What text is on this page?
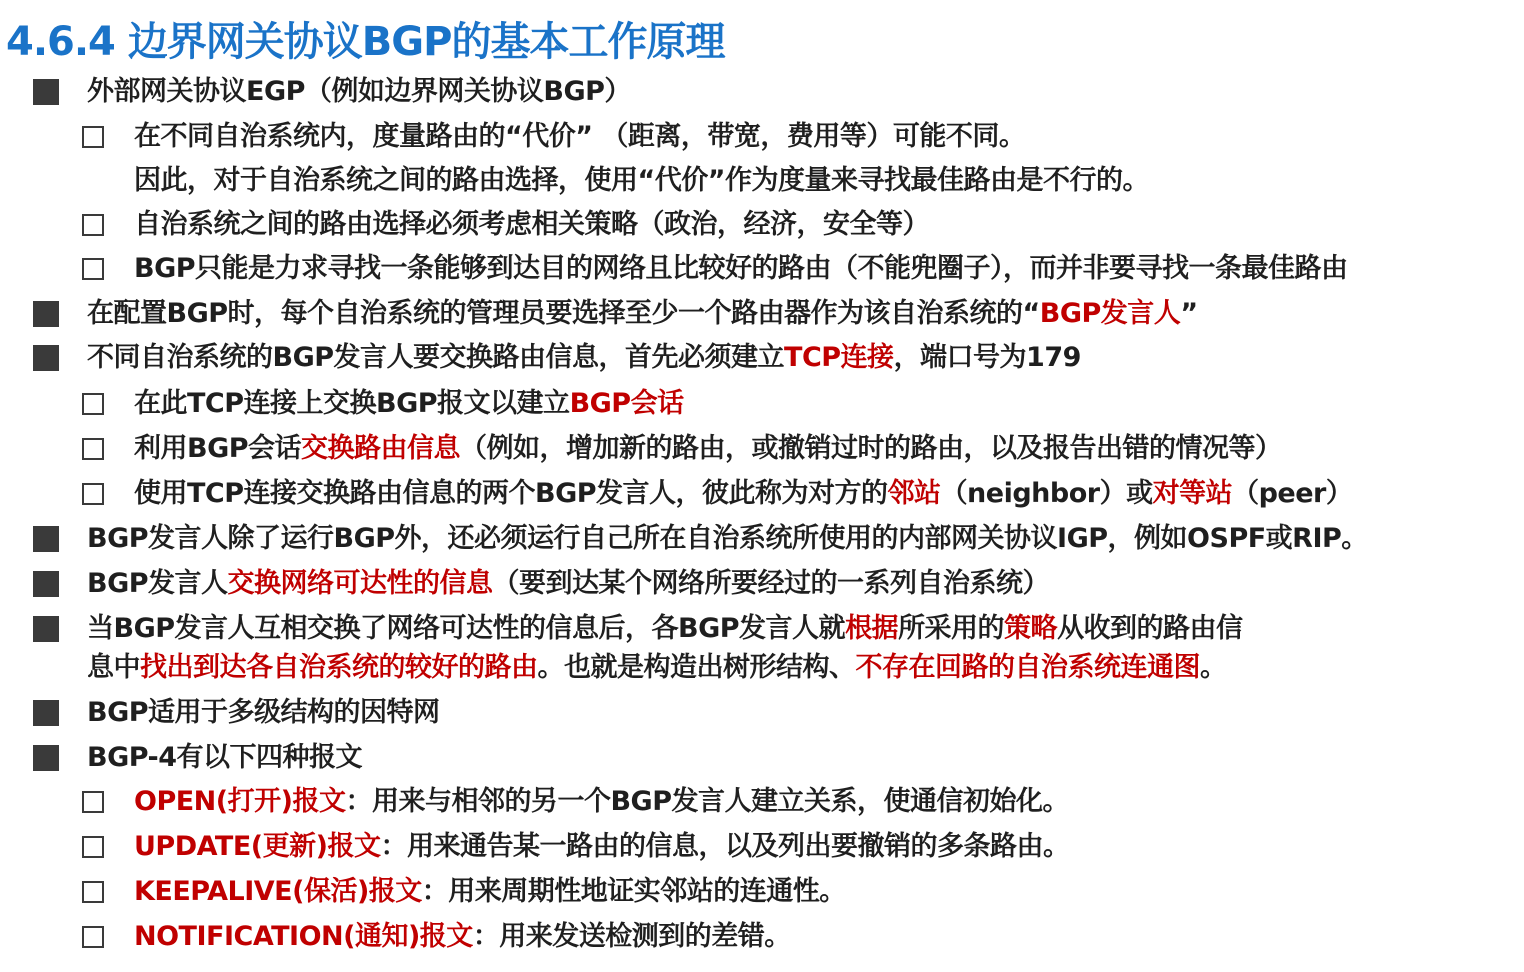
4.6.4 边界网关协议BGP的基本工作原理
外部网关协议EGP（例如边界网关协议BGP）
在不同自治系统内，度量路由的“代价” （距离，带宽，费用等）可能不同。
因此，对于自治系统之间的路由选择，使用“代价”作为度量来寻找最佳路由是不行的。
自治系统之间的路由选择必须考虑相关策略（政治，经济，安全等）
BGP只能是力求寻找一条能够到达目的网络且比较好的路由（不能兜圈子），而并非要寻找一条最佳路由
在配置BGP时，每个自治系统的管理员要选择至少一个路由器作为该自治系统的“BGP发言人”
不同自治系统的BGP发言人要交换路由信息，首先必须建立TCP连接，端口号为179
在此TCP连接上交换BGP报文以建立BGP会话
利用BGP会话交换路由信息（例如，增加新的路由，或撤销过时的路由，以及报告出错的情况等）
使用TCP连接交换路由信息的两个BGP发言人，彼此称为对方的邻站（neighbor）或对等站（peer）
BGP发言人除了运行BGP外，还必须运行自己所在自治系统所使用的内部网关协议IGP，例如OSPF或RIP。
BGP发言人交换网络可达性的信息（要到达某个网络所要经过的一系列自治系统）
当BGP发言人互相交换了网络可达性的信息后，各BGP发言人就根据所采用的策略从收到的路由信
息中找出到达各自治系统的较好的路由。也就是构造出树形结构、不存在回路的自治系统连通图。
BGP适用于多级结构的因特网
BGP-4有以下四种报文
OPEN(打开)报文：用来与相邻的另一个BGP发言人建立关系，使通信初始化。
UPDATE(更新)报文：用来通告某一路由的信息，以及列出要撤销的多条路由。
KEEPALIVE(保活)报文：用来周期性地证实邻站的连通性。
NOTIFICATION(通知)报文：用来发送检测到的差错。
